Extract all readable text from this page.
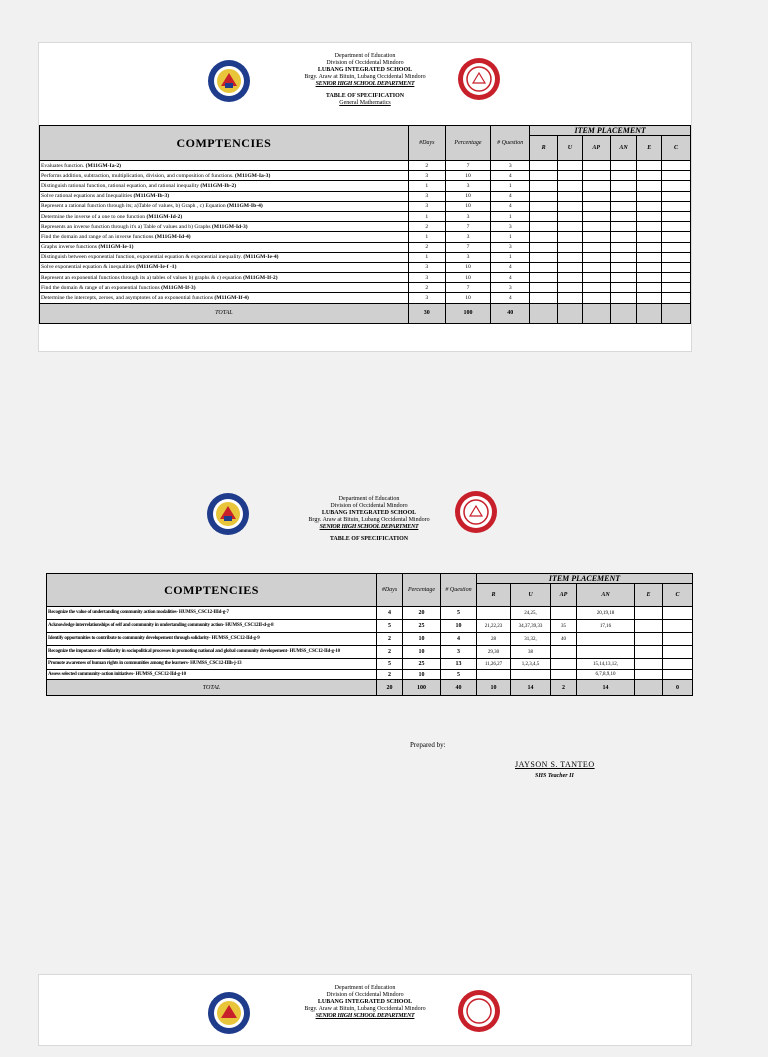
Department of Education
Division of Occidental Mindoro
LUBANG INTEGRATED SCHOOL
Brgy. Araw at Bituin, Lubang Occidental Mindoro
SENIOR HIGH SCHOOL DEPARTMENT
TABLE OF SPECIFICATION
General Mathematics
COMPTENCIES	#Days	Percentage	# Question	ITEM PLACEMENT					
				R	U	AP	AN	E	C
Evaluates function. (M11GM-Ia-2)	2	7	3						
Performs addition, subtraction, multiplication, division, and composition of functions. (M11GM-Ia-3)	3	10	4						
Distinguish rational function, rational equation, and rational inequality (M11GM-Ib-2)	1	3	1						
Solve rational equations and Inequalities (M11GM-Ib-3)	3	10	4						
Represent a rational function through its; a)Table of values, b) Graph , c) Equation (M11GM-Ib-4)	3	10	4						
Determine the inverse of a one to one function (M11GM-Id-2)	1	3	1						
Represents an inverse function through it's a) Table of values and b) Graphs (M11GM-Id-3)	2	7	3						
Find the domain and range of an inverse functions (M11GM-Id-4)	1	3	1						
Graphs inverse functions (M11GM-Ie-1)	2	7	3						
Distinguish between exponential function, exponential equation & exponential inequality. (M11GM-Ie-4)	1	3	1						
Solve exponential equation & inequalities (M11GM-Ie-f -1)	3	10	4						
Represent an exponential functions through its a) tables of values b) graphs & c) equation (M11GM-If-2)	3	10	4						
Find the domain & range of an exponential functions (M11GM-If-3)	2	7	3						
Determine the intercepts, zeroes, and asymptotes of an exponential functions (M11GM-If-4)	3	10	4						
TOTAL	30	100	40						
Department of Education
Division of Occidental Mindoro
LUBANG INTEGRATED SCHOOL
Brgy. Araw at Bituin, Lubang Occidental Mindoro
SENIOR HIGH SCHOOL DEPARTMENT
TABLE OF SPECIFICATION
COMPTENCIES	#Days	Percentage	# Question	ITEM PLACEMENT					
				R	U	AP	AN	E	C
Recognize the value of undertanding community action modalities- HUMSS_CSC12-IIId-g-7	4	20	5		24,25,		20,19,18		
Acknowledge interrelationships of self and community in undertanding community action- HUMSS_CSC12II-d-g-8	5	25	10	21,22,23	34,37,39,33	35	17,16		
Identify opportunities to contribute to community developement through solidarity- HUMSS_CSC12-IId-g-9	2	10	4	28	31,32,	40			
Recognize the impotance of solidarity in sociopolitical processes in promoting national and global community developement- HUMSS_CSC12-IId-g-10	2	10	3	29,30	38				
Promote awareness of human rights in communities among the learners- HUMSS_CSC12-IIIh-j-13	5	25	13	11,26,27	1,2,3,4,5		15,14,13,12,		
Assess selected community-action initiatives- HUMSS_CSC12-IId-g-10	2	10	5				6,7,8,9,10		
TOTAL	20	100	40	10	14	2	14		0
Prepared by:
JAYSON S. TANTEO
SHS Teacher II
Department of Education
Division of Occidental Mindoro
LUBANG INTEGRATED SCHOOL
Brgy. Araw at Bituin, Lubang Occidental Mindoro
SENIOR HIGH SCHOOL DEPARTMENT
